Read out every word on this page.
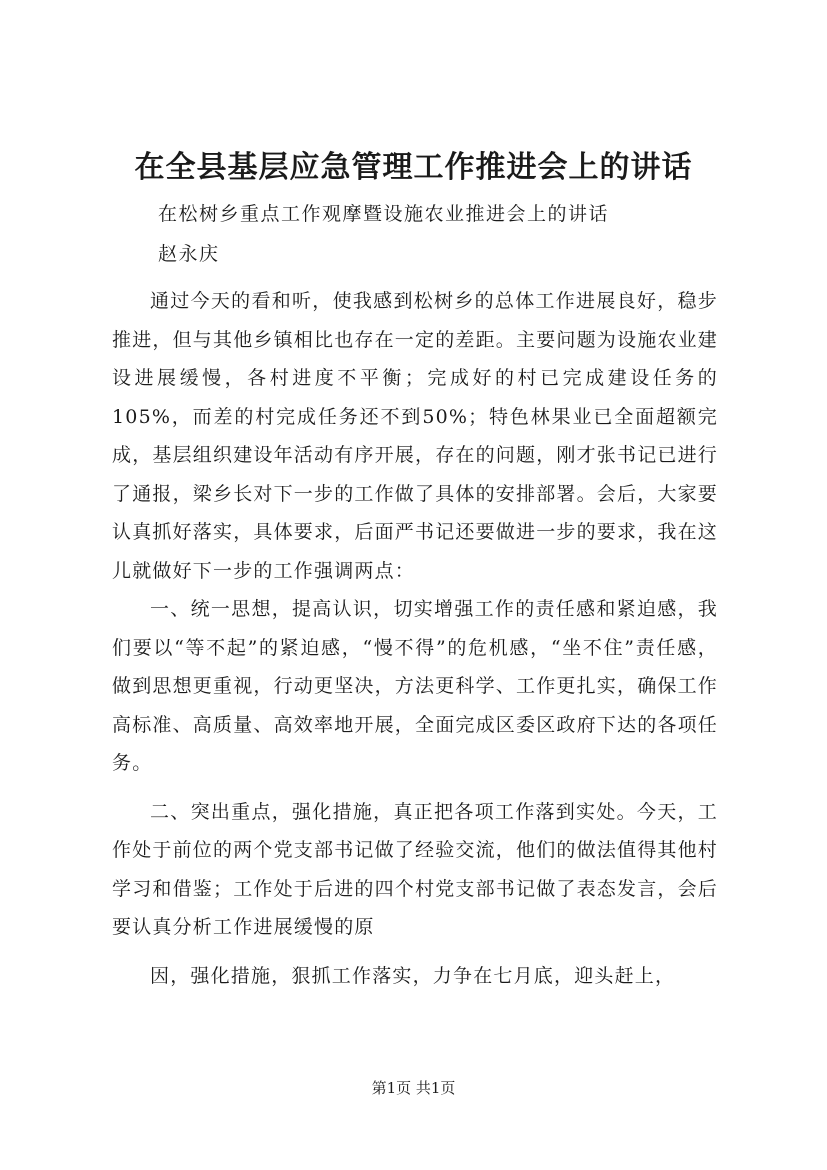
在全县基层应急管理工作推进会上的讲话
在松树乡重点工作观摩暨设施农业推进会上的讲话
赵永庆

通过今天的看和听，使我感到松树乡的总体工作进展良好，稳步推进，但与其他乡镇相比也存在一定的差距。主要问题为设施农业建设进展缓慢，各村进度不平衡；完成好的村已完成建设任务的105%，而差的村完成任务还不到50%；特色林果业已全面超额完成，基层组织建设年活动有序开展，存在的问题，刚才张书记已进行了通报，梁乡长对下一步的工作做了具体的安排部署。会后，大家要认真抓好落实，具体要求，后面严书记还要做进一步的要求，我在这儿就做好下一步的工作强调两点：

一、统一思想，提高认识，切实增强工作的责任感和紧迫感，我们要以“等不起”的紧迫感，“慢不得”的危机感，“坐不住”责任感，做到思想更重视，行动更坚决，方法更科学、工作更扎实，确保工作高标准、高质量、高效率地开展，全面完成区委区政府下达的各项任务。

二、突出重点，强化措施，真正把各项工作落到实处。今天，工作处于前位的两个党支部书记做了经验交流，他们的做法值得其他村学习和借鉴；工作处于后进的四个村党支部书记做了表态发言，会后要认真分析工作进展缓慢的原

因，强化措施，狠抓工作落实，力争在七月底，迎头赶上，

第1页 共1页
